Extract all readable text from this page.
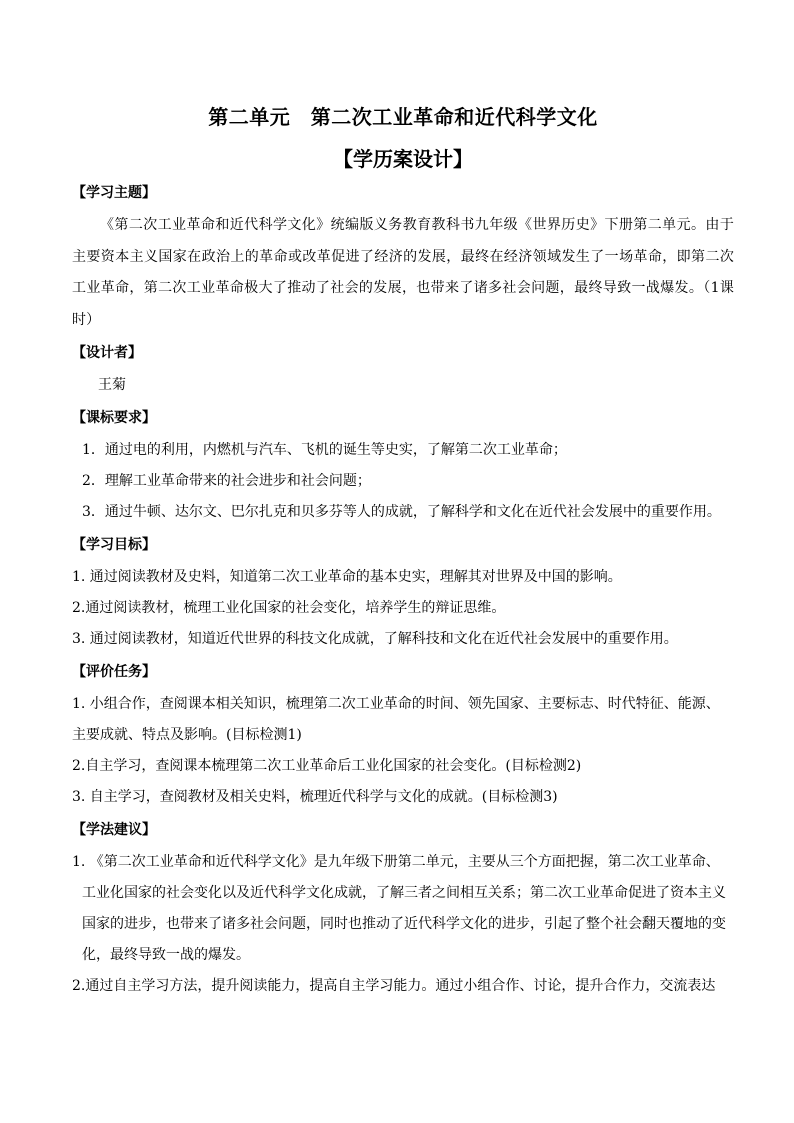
第二单元　第二次工业革命和近代科学文化
【学历案设计】
【学习主题】

《第二次工业革命和近代科学文化》统编版义务教育教科书九年级《世界历史》下册第二单元。由于主要资本主义国家在政治上的革命或改革促进了经济的发展，最终在经济领域发生了一场革命，即第二次工业革命，第二次工业革命极大了推动了社会的发展，也带来了诸多社会问题，最终导致一战爆发。（1课时）

【设计者】

王菊

【课标要求】

1．通过电的利用，内燃机与汽车、飞机的诞生等史实，了解第二次工业革命；

2．理解工业革命带来的社会进步和社会问题；

3．通过牛顿、达尔文、巴尔扎克和贝多芬等人的成就，了解科学和文化在近代社会发展中的重要作用。

【学习目标】

1. 通过阅读教材及史料，知道第二次工业革命的基本史实，理解其对世界及中国的影响。

2.通过阅读教材，梳理工业化国家的社会变化，培养学生的辩证思维。

3. 通过阅读教材，知道近代世界的科技文化成就，了解科技和文化在近代社会发展中的重要作用。

【评价任务】

1. 小组合作，查阅课本相关知识，梳理第二次工业革命的时间、领先国家、主要标志、时代特征、能源、

主要成就、特点及影响。(目标检测1)

2.自主学习，查阅课本梳理第二次工业革命后工业化国家的社会变化。(目标检测2)

3. 自主学习，查阅教材及相关史料，梳理近代科学与文化的成就。(目标检测3)

【学法建议】

1. 《第二次工业革命和近代科学文化》是九年级下册第二单元，主要从三个方面把握，第二次工业革命、

工业化国家的社会变化以及近代科学文化成就，了解三者之间相互关系；第二次工业革命促进了资本主义

国家的进步，也带来了诸多社会问题，同时也推动了近代科学文化的进步，引起了整个社会翻天覆地的变

化，最终导致一战的爆发。

2.通过自主学习方法，提升阅读能力，提高自主学习能力。通过小组合作、讨论，提升合作力，交流表达
